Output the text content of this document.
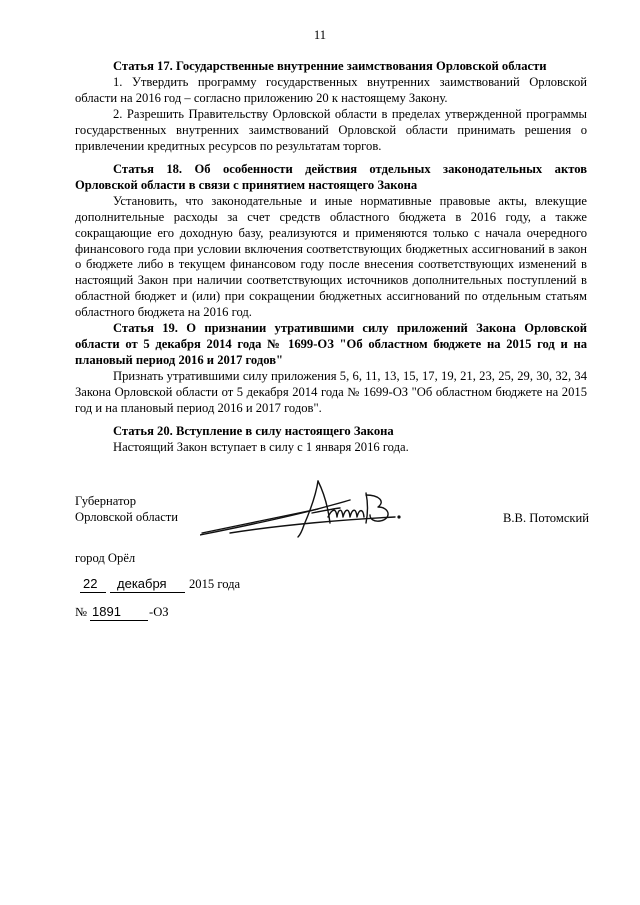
11
Статья 17. Государственные внутренние заимствования Орловской области
1. Утвердить программу государственных внутренних заимствований Орловской области на 2016 год – согласно приложению 20 к настоящему Закону.
2. Разрешить Правительству Орловской области в пределах утвержденной программы государственных внутренних заимствований Орловской области принимать решения о привлечении кредитных ресурсов по результатам торгов.
Статья 18. Об особенности действия отдельных законодательных актов Орловской области в связи с принятием настоящего Закона
Установить, что законодательные и иные нормативные правовые акты, влекущие дополнительные расходы за счет средств областного бюджета в 2016 году, а также сокращающие его доходную базу, реализуются и применяются только с начала очередного финансового года при условии включения соответствующих бюджетных ассигнований в закон о бюджете либо в текущем финансовом году после внесения соответствующих изменений в настоящий Закон при наличии соответствующих источников дополнительных поступлений в областной бюджет и (или) при сокращении бюджетных ассигнований по отдельным статьям областного бюджета на 2016 год.
Статья 19. О признании утратившими силу приложений Закона Орловской области от 5 декабря 2014 года № 1699-ОЗ "Об областном бюджете на 2015 год и на плановый период 2016 и 2017 годов"
Признать утратившими силу приложения 5, 6, 11, 13, 15, 17, 19, 21, 23, 25, 29, 30, 32, 34 Закона Орловской области от 5 декабря 2014 года № 1699-ОЗ "Об областном бюджете на 2015 год и на плановый период 2016 и 2017 годов".
Статья 20. Вступление в силу настоящего Закона
Настоящий Закон вступает в силу с 1 января 2016 года.
Губернатор
Орловской области	В.В. Потомский
город Орёл
22 декабря 2015 года
№ 1891 -ОЗ
